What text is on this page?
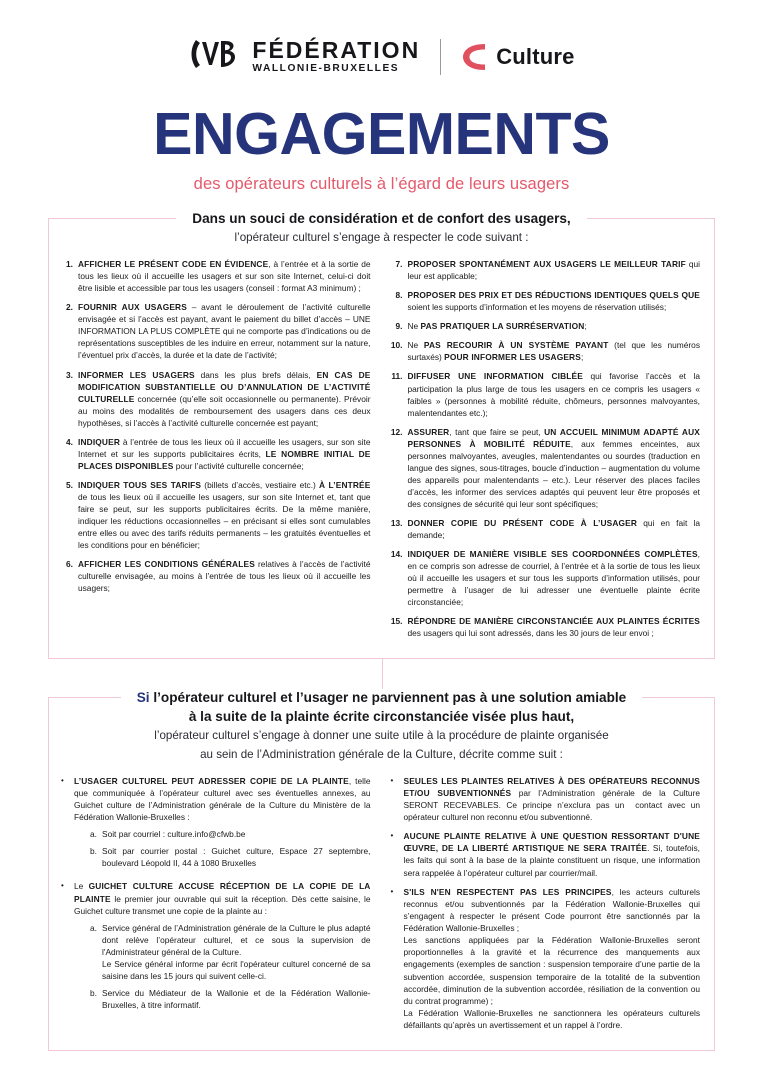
FÉDÉRATION
WALLONIE-BRUXELLES	Culture
ENGAGEMENTS
des opérateurs culturels à l’égard de leurs usagers
Dans un souci de considération et de confort des usagers,
l’opérateur culturel s’engage à respecter le code suivant :
1. AFFICHER LE PRÉSENT CODE EN ÉVIDENCE, à l’entrée et à la sortie de tous les lieux où il accueille les usagers et sur son site Internet, celui-ci doit être lisible et accessible par tous les usagers (conseil : format A3 minimum) ;
2. FOURNIR AUX USAGERS – avant le déroulement de l’activité culturelle envisagée et si l’accès est payant, avant le paiement du billet d’accès – UNE INFORMATION LA PLUS COMPLÈTE qui ne comporte pas d’indications ou de représentations susceptibles de les induire en erreur, notamment sur la nature, l’éventuel prix d’accès, la durée et la date de l’activité;
3. INFORMER LES USAGERS dans les plus brefs délais, EN CAS DE MODIFICATION SUBSTANTIELLE OU D’ANNULATION DE L’ACTIVITÉ CULTURELLE concernée (qu’elle soit occasionnelle ou permanente). Prévoir au moins des modalités de remboursement des usagers dans ces deux hypothèses, si l’accès à l’activité culturelle concernée est payant;
4. INDIQUER à l’entrée de tous les lieux où il accueille les usagers, sur son site Internet et sur les supports publicitaires écrits, LE NOMBRE INITIAL DE PLACES DISPONIBLES pour l’activité culturelle concernée;
5. INDIQUER TOUS SES TARIFS (billets d’accès, vestiaire etc.) À L’ENTRÉE de tous les lieux où il accueille les usagers, sur son site Internet et, tant que faire se peut, sur les supports publicitaires écrits. De la même manière, indiquer les réductions occasionnelles – en précisant si elles sont cumulables entre elles ou avec des tarifs réduits permanents – les gratuités éventuelles et les conditions pour en bénéficier;
6. AFFICHER LES CONDITIONS GÉNÉRALES relatives à l’accès de l’activité culturelle envisagée, au moins à l'entrée de tous les lieux où il accueille les usagers;
7. PROPOSER SPONTANÉMENT AUX USAGERS LE MEILLEUR TARIF qui leur est applicable;
8. PROPOSER DES PRIX ET DES RÉDUCTIONS IDENTIQUES QUELS QUE soient les supports d’information et les moyens de réservation utilisés;
9. Ne PAS PRATIQUER LA SURRÉSERVATION;
10. Ne PAS RECOURIR À UN SYSTÈME PAYANT (tel que les numéros surtaxés) POUR INFORMER LES USAGERS;
11. DIFFUSER UNE INFORMATION CIBLÉE qui favorise l’accès et la participation la plus large de tous les usagers en ce compris les usagers « faibles » (personnes à mobilité réduite, chômeurs, personnes malvoyantes, malentendantes etc.);
12. ASSURER, tant que faire se peut, UN ACCUEIL MINIMUM ADAPTÉ AUX PERSONNES À MOBILITÉ RÉDUITE, aux femmes enceintes, aux personnes malvoyantes, aveugles, malentendantes ou sourdes (traduction en langue des signes, sous-titrages, boucle d’induction – augmentation du volume des appareils pour malentendants – etc.). Leur réserver des places faciles d’accès, les informer des services adaptés qui peuvent leur être proposés et des consignes de sécurité qui leur sont spécifiques;
13. DONNER COPIE DU PRÉSENT CODE À L’USAGER qui en fait la demande;
14. INDIQUER DE MANIÈRE VISIBLE SES COORDONNÉES COMPLÈTES, en ce compris son adresse de courriel, à l’entrée et à la sortie de tous les lieux où il accueille les usagers et sur tous les supports d’information utilisés, pour permettre à l’usager de lui adresser une éventuelle plainte écrite circonstanciée;
15. RÉPONDRE DE MANIÈRE CIRCONSTANCIÉE AUX PLAINTES ÉCRITES des usagers qui lui sont adressés, dans les 30 jours de leur envoi ;
Si l’opérateur culturel et l’usager ne parviennent pas à une solution amiable
à la suite de la plainte écrite circonstanciée visée plus haut,
l’opérateur culturel s’engage à donner une suite utile à la procédure de plainte organisée
au sein de l’Administration générale de la Culture, décrite comme suit :
•	L’USAGER CULTUREL PEUT ADRESSER COPIE DE LA PLAINTE, telle que communiquée à l’opérateur culturel avec ses éventuelles annexes, au Guichet culture de l’Administration générale de la Culture du Ministère de la Fédération Wallonie-Bruxelles :
a. Soit par courriel : culture.info@cfwb.be
b. Soit par courrier postal : Guichet culture, Espace 27 septembre, boulevard Léopold II, 44 à 1080 Bruxelles
•	Le GUICHET CULTURE ACCUSE RÉCEPTION DE LA COPIE DE LA PLAINTE le premier jour ouvrable qui suit la réception. Dès cette saisine, le Guichet culture transmet une copie de la plainte au :
a. Service général de l’Administration générale de la Culture le plus adapté dont relève l’opérateur culturel, et ce sous la supervision de l'Administrateur général de la Culture.
Le Service général informe par écrit l'opérateur culturel concerné de sa saisine dans les 15 jours qui suivent celle-ci.
b. Service du Médiateur de la Wallonie et de la Fédération Wallonie-Bruxelles, à titre informatif.
•	SEULES LES PLAINTES RELATIVES À DES OPÉRATEURS RECONNUS ET/OU SUBVENTIONNÉS par l’Administration générale de la Culture SERONT RECEVABLES. Ce principe n’exclura pas un  contact avec un opérateur culturel non reconnu et/ou subventionné.
•	AUCUNE PLAINTE RELATIVE À UNE QUESTION RESSORTANT D'UNE ŒUVRE, DE LA LIBERTÉ ARTISTIQUE NE SERA TRAITÉE. Si, toutefois, les faits qui sont à la base de la plainte constituent un risque, une information sera rappelée à l’opérateur culturel par courrier/mail.
•	S'ILS N'EN RESPECTENT PAS LES PRINCIPES, les acteurs culturels reconnus et/ou subventionnés par la Fédération Wallonie-Bruxelles qui s’engagent à respecter le présent Code pourront être sanctionnés par la Fédération Wallonie-Bruxelles ;
Les sanctions appliquées par la Fédération Wallonie-Bruxelles seront proportionnelles à la gravité et la récurrence des manquements aux engagements (exemples de sanction : suspension temporaire d’une partie de la subvention accordée, suspension temporaire de la totalité de la subvention accordée, diminution de la subvention accordée, résiliation de la convention ou du contrat programme) ;
La Fédération Wallonie-Bruxelles ne sanctionnera les opérateurs culturels défaillants qu’après un avertissement et un rappel à l’ordre.
